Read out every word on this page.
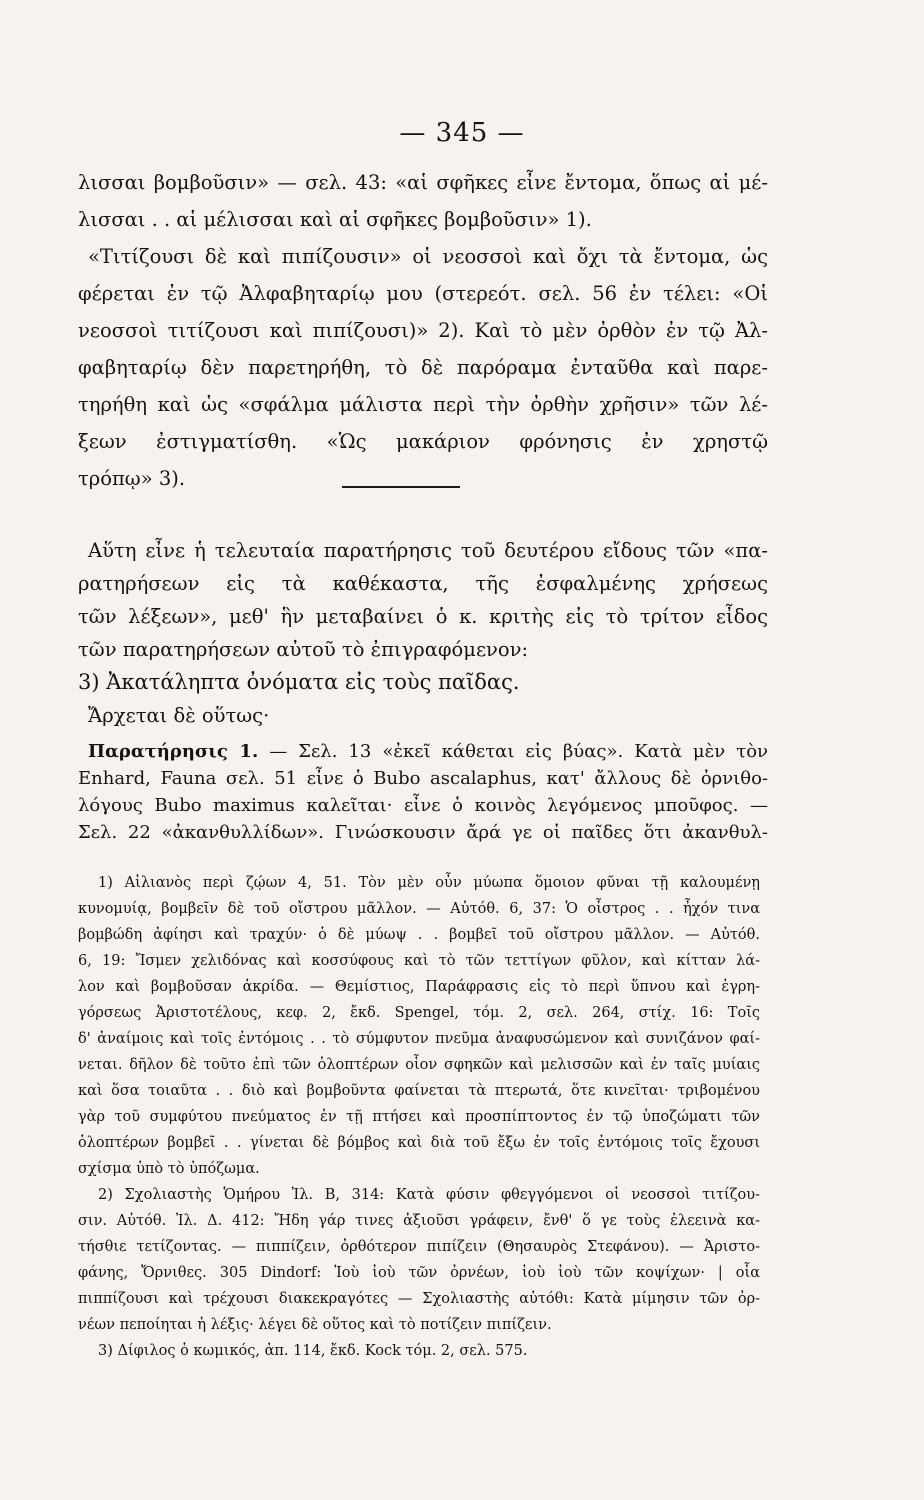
— 345 —
λισσαι βομβοῦσιν» — σελ. 43: «αἱ σφῆκες εἶνε ἔντομα, ὅπως αἱ μέ-
λισσαι . . αἱ μέλισσαι καὶ αἱ σφῆκες βομβοῦσιν» 1).
«Τιτίζουσι δὲ καὶ πιπίζουσιν» οἱ νεοσσοὶ καὶ ὄχι τὰ ἔντομα, ὡς
φέρεται ἐν τῷ Ἀλφαβηταρίῳ μου (στερεότ. σελ. 56 ἐν τέλει: «Οἱ
νεοσσοὶ τιτίζουσι καὶ πιπίζουσι)» 2). Καὶ τὸ μὲν ὀρθὸν ἐν τῷ Ἀλ-
φαβηταρίῳ δὲν παρετηρήθη, τὸ δὲ παρόραμα ἐνταῦθα καὶ παρε-
τηρήθη καὶ ὡς «σφάλμα μάλιστα περὶ τὴν ὀρθὴν χρῆσιν» τῶν λέ-
ξεων ἐστιγματίσθη. «Ὡς μακάριον φρόνησις ἐν χρηστῷ
τρόπῳ» 3).
Αὕτη εἶνε ἡ τελευταία παρατήρησις τοῦ δευτέρου εἴδους τῶν «πα-
ρατηρήσεων εἰς τὰ καθέκαστα, τῆς ἐσφαλμένης χρήσεως
τῶν λέξεων», μεθ' ἣν μεταβαίνει ὁ κ. κριτὴς εἰς τὸ τρίτον εἶδος
τῶν παρατηρήσεων αὐτοῦ τὸ ἐπιγραφόμενον:
3) Ἀκατάληπτα ὀνόματα εἰς τοὺς παῖδας.
Ἄρχεται δὲ οὕτως·
Παρατήρησις 1. — Σελ. 13 «ἐκεῖ κάθεται εἰς βύας». Κατὰ μὲν τὸν
Enhard, Fauna σελ. 51 εἶνε ὁ Bubo ascalaphus, κατ' ἄλλους δὲ ὀρνιθο-
λόγους Bubo maximus καλεῖται· εἶνε ὁ κοινὸς λεγόμενος μποῦφος. —
Σελ. 22 «ἀκανθυλλίδων». Γινώσκουσιν ἄρά γε οἱ παῖδες ὅτι ἀκανθυλ-
1) Αἰλιανὸς περὶ ζῴων 4, 51. Τὸν μὲν οὖν μύωπα ὅμοιον φῦναι τῇ καλουμένῃ
κυνομυίᾳ, βομβεῖν δὲ τοῦ οἴστρου μᾶλλον. — Αὐτόθ. 6, 37: Ὁ οἶστρος . . ἦχόν τινα
βομβώδη ἀφίησι καὶ τραχύν· ὁ δὲ μύωψ . . βομβεῖ τοῦ οἴστρου μᾶλλον. — Αὐτόθ.
6, 19: Ἴσμεν χελιδόνας καὶ κοσσύφους καὶ τὸ τῶν τεττίγων φῦλον, καὶ κίτταν λά-
λον καὶ βομβοῦσαν ἀκρίδα. — Θεμίστιος, Παράφρασις εἰς τὸ περὶ ὕπνου καὶ ἐγρη-
γόρσεως Ἀριστοτέλους, κεφ. 2, ἔκδ. Spengel, τόμ. 2, σελ. 264, στίχ. 16: Τοῖς
δ' ἀναίμοις καὶ τοῖς ἐντόμοις . . τὸ σύμφυτον πνεῦμα ἀναφυσώμενον καὶ συνιζάνον φαί-
νεται. δῆλον δὲ τοῦτο ἐπὶ τῶν ὁλοπτέρων οἷον σφηκῶν καὶ μελισσῶν καὶ ἐν ταῖς μυίαις
καὶ ὅσα τοιαῦτα . . διὸ καὶ βομβοῦντα φαίνεται τὰ πτερωτά, ὅτε κινεῖται· τριβομένου
γὰρ τοῦ συμφύτου πνεύματος ἐν τῇ πτήσει καὶ προσπίπτοντος ἐν τῷ ὑποζώματι τῶν
ὁλοπτέρων βομβεῖ . . γίνεται δὲ βόμβος καὶ διὰ τοῦ ἔξω ἐν τοῖς ἐντόμοις τοῖς ἔχουσι
σχίσμα ὑπὸ τὸ ὑπόζωμα.
2) Σχολιαστὴς Ὁμήρου Ἰλ. Β, 314: Κατὰ φύσιν φθεγγόμενοι οἱ νεοσσοὶ τιτίζου-
σιν. Αὐτόθ. Ἰλ. Δ. 412: Ἤδη γάρ τινες ἀξιοῦσι γράφειν, ἔνθ' ὅ γε τοὺς ἐλεεινὰ κα-
τήσθιε τετίζοντας. — πιππίζειν, ὀρθότερον πιπίζειν (Θησαυρὸς Στεφάνου). — Ἀριστο-
φάνης, Ὄρνιθες. 305 Dindorf: Ἰοὺ ἰοὺ τῶν ὀρνέων, ἰοὺ ἰοὺ τῶν κοψίχων· | οἷα
πιππίζουσι καὶ τρέχουσι διακεκραγότες — Σχολιαστὴς αὐτόθι: Κατὰ μίμησιν τῶν ὀρ-
νέων πεποίηται ἡ λέξις· λέγει δὲ οὕτος καὶ τὸ ποτίζειν πιπίζειν.
3) Δίφιλος ὁ κωμικός, ἀπ. 114, ἔκδ. Kock τόμ. 2, σελ. 575.
